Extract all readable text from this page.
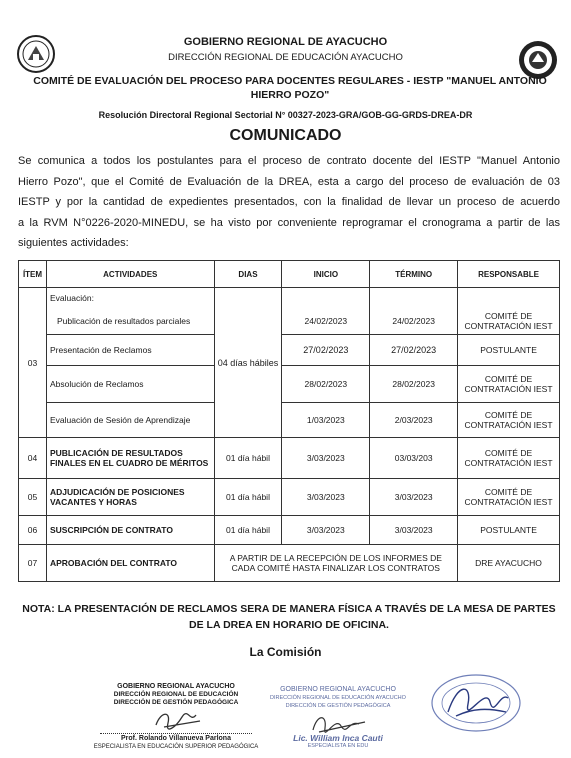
GOBIERNO REGIONAL DE AYACUCHO
DIRECCIÓN REGIONAL DE EDUCACIÓN AYACUCHO
COMITÉ DE EVALUACIÓN DEL PROCESO PARA DOCENTES REGULARES - IESTP "MANUEL ANTONIO HIERRO POZO"
Resolución Directoral Regional Sectorial N° 00327-2023-GRA/GOB-GG-GRDS-DREA-DR
COMUNICADO
Se comunica a todos los postulantes para el proceso de contrato docente del IESTP "Manuel Antonio
Hierro Pozo", que el Comité de Evaluación de la DREA, esta a cargo del proceso de evaluación de 03
IESTP y por la cantidad de expedientes presentados, con la finalidad de llevar un proceso de acuerdo
a la RVM N°0226-2020-MINEDU, se ha visto por conveniente reprogramar el cronograma a partir de las
siguientes actividades:
ÍTEM	ACTIVIDADES	DIAS	INICIO	TÉRMINO	RESPONSABLE
03	Evaluación:	04 días hábiles			
	Publicación de resultados parciales		24/02/2023	24/02/2023	COMITÉ DE CONTRATACIÓN IEST
	Presentación de Reclamos		27/02/2023	27/02/2023	POSTULANTE
	Absolución de Reclamos		28/02/2023	28/02/2023	COMITÉ DE CONTRATACIÓN IEST
	Evaluación de Sesión de Aprendizaje		1/03/2023	2/03/2023	COMITÉ DE CONTRATACIÓN IEST
04	PUBLICACIÓN DE RESULTADOS FINALES EN EL CUADRO DE MÉRITOS	01 día hábil	3/03/2023	03/03/203	COMITÉ DE CONTRATACIÓN IEST
05	ADJUDICACIÓN DE POSICIONES VACANTES Y HORAS	01 día hábil	3/03/2023	3/03/2023	COMITÉ DE CONTRATACIÓN IEST
06	SUSCRIPCIÓN DE CONTRATO	01 día hábil	3/03/2023	3/03/2023	POSTULANTE
07	APROBACIÓN DEL CONTRATO	A PARTIR DE LA RECEPCIÓN DE LOS INFORMES DE CADA COMITÉ HASTA FINALIZAR LOS CONTRATOS			DRE AYACUCHO
NOTA: LA PRESENTACIÓN DE RECLAMOS SERA DE MANERA FÍSICA A TRAVÉS DE LA MESA DE PARTES DE LA DREA EN HORARIO DE OFICINA.
La Comisión
GOBIERNO REGIONAL AYACUCHO
DIRECCIÓN REGIONAL DE EDUCACIÓN
DIRECCIÓN DE GESTIÓN PEDAGÓGICA
Prof. Rolando Villanueva Parlona
ESPECIALISTA EN EDUCACIÓN SUPERIOR PEDAGÓGICA
GOBIERNO REGIONAL AYACUCHO
DIRECCIÓN REGIONAL DE EDUCACIÓN AYACUCHO
DIRECCIÓN DE GESTIÓN PEDAGÓGICA
Lic. William Inca Cauti
ESPECIALISTA EN EDU
